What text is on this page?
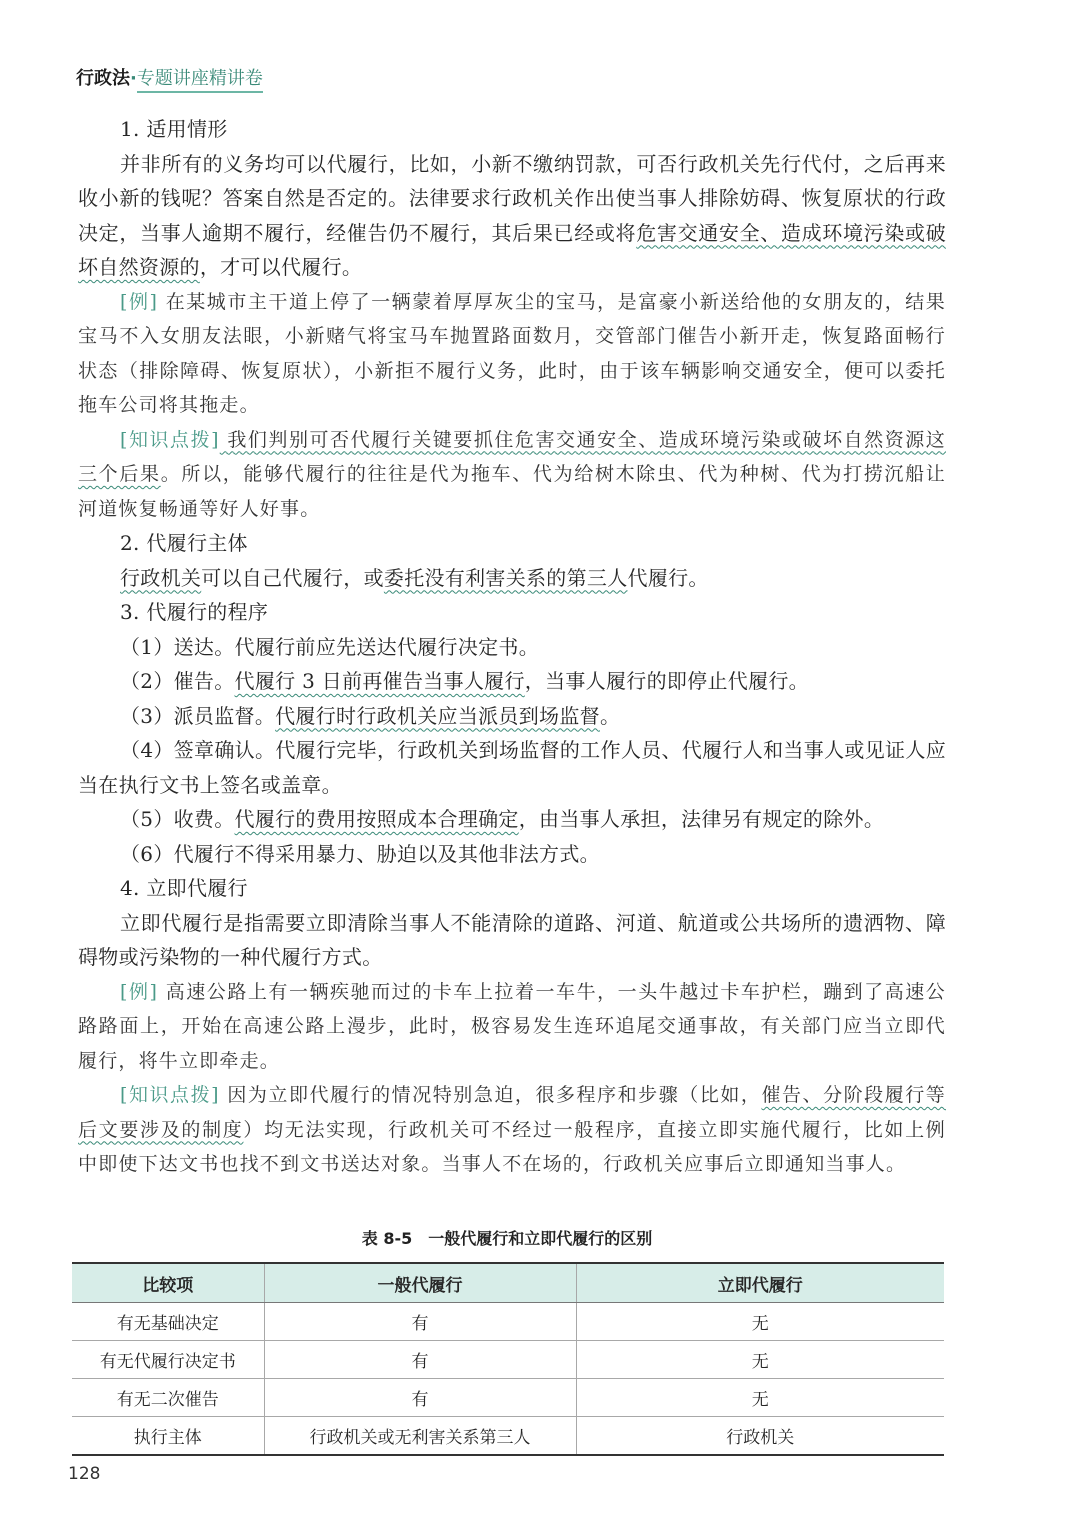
行政法·专题讲座精讲卷

1. 适用情形

并非所有的义务均可以代履行，比如，小新不缴纳罚款，可否行政机关先行代付，之后再来收小新的钱呢？答案自然是否定的。法律要求行政机关作出使当事人排除妨碍、恢复原状的行政决定，当事人逾期不履行，经催告仍不履行，其后果已经或将危害交通安全、造成环境污染或破坏自然资源的，才可以代履行。

[例] 在某城市主干道上停了一辆蒙着厚厚灰尘的宝马，是富豪小新送给他的女朋友的，结果宝马不入女朋友法眼，小新赌气将宝马车抛置路面数月，交管部门催告小新开走，恢复路面畅行状态（排除障碍、恢复原状），小新拒不履行义务，此时，由于该车辆影响交通安全，便可以委托拖车公司将其拖走。

[知识点拨] 我们判别可否代履行关键要抓住危害交通安全、造成环境污染或破坏自然资源这三个后果。所以，能够代履行的往往是代为拖车、代为给树木除虫、代为种树、代为打捞沉船让河道恢复畅通等好人好事。

2. 代履行主体

行政机关可以自己代履行，或委托没有利害关系的第三人代履行。

3. 代履行的程序

（1）送达。代履行前应先送达代履行决定书。

（2）催告。代履行 3 日前再催告当事人履行，当事人履行的即停止代履行。

（3）派员监督。代履行时行政机关应当派员到场监督。

（4）签章确认。代履行完毕，行政机关到场监督的工作人员、代履行人和当事人或见证人应当在执行文书上签名或盖章。

（5）收费。代履行的费用按照成本合理确定，由当事人承担，法律另有规定的除外。

（6）代履行不得采用暴力、胁迫以及其他非法方式。

4. 立即代履行

立即代履行是指需要立即清除当事人不能清除的道路、河道、航道或公共场所的遗洒物、障碍物或污染物的一种代履行方式。

[例] 高速公路上有一辆疾驰而过的卡车上拉着一车牛，一头牛越过卡车护栏，蹦到了高速公路路面上，开始在高速公路上漫步，此时，极容易发生连环追尾交通事故，有关部门应当立即代履行，将牛立即牵走。

[知识点拨] 因为立即代履行的情况特别急迫，很多程序和步骤（比如，催告、分阶段履行等后文要涉及的制度）均无法实现，行政机关可不经过一般程序，直接立即实施代履行，比如上例中即使下达文书也找不到文书送达对象。当事人不在场的，行政机关应事后立即通知当事人。

表 8-5　一般代履行和立即代履行的区别
比较项	一般代履行	立即代履行
有无基础决定	有	无
有无代履行决定书	有	无
有无二次催告	有	无
执行主体	行政机关或无利害关系第三人	行政机关
128
